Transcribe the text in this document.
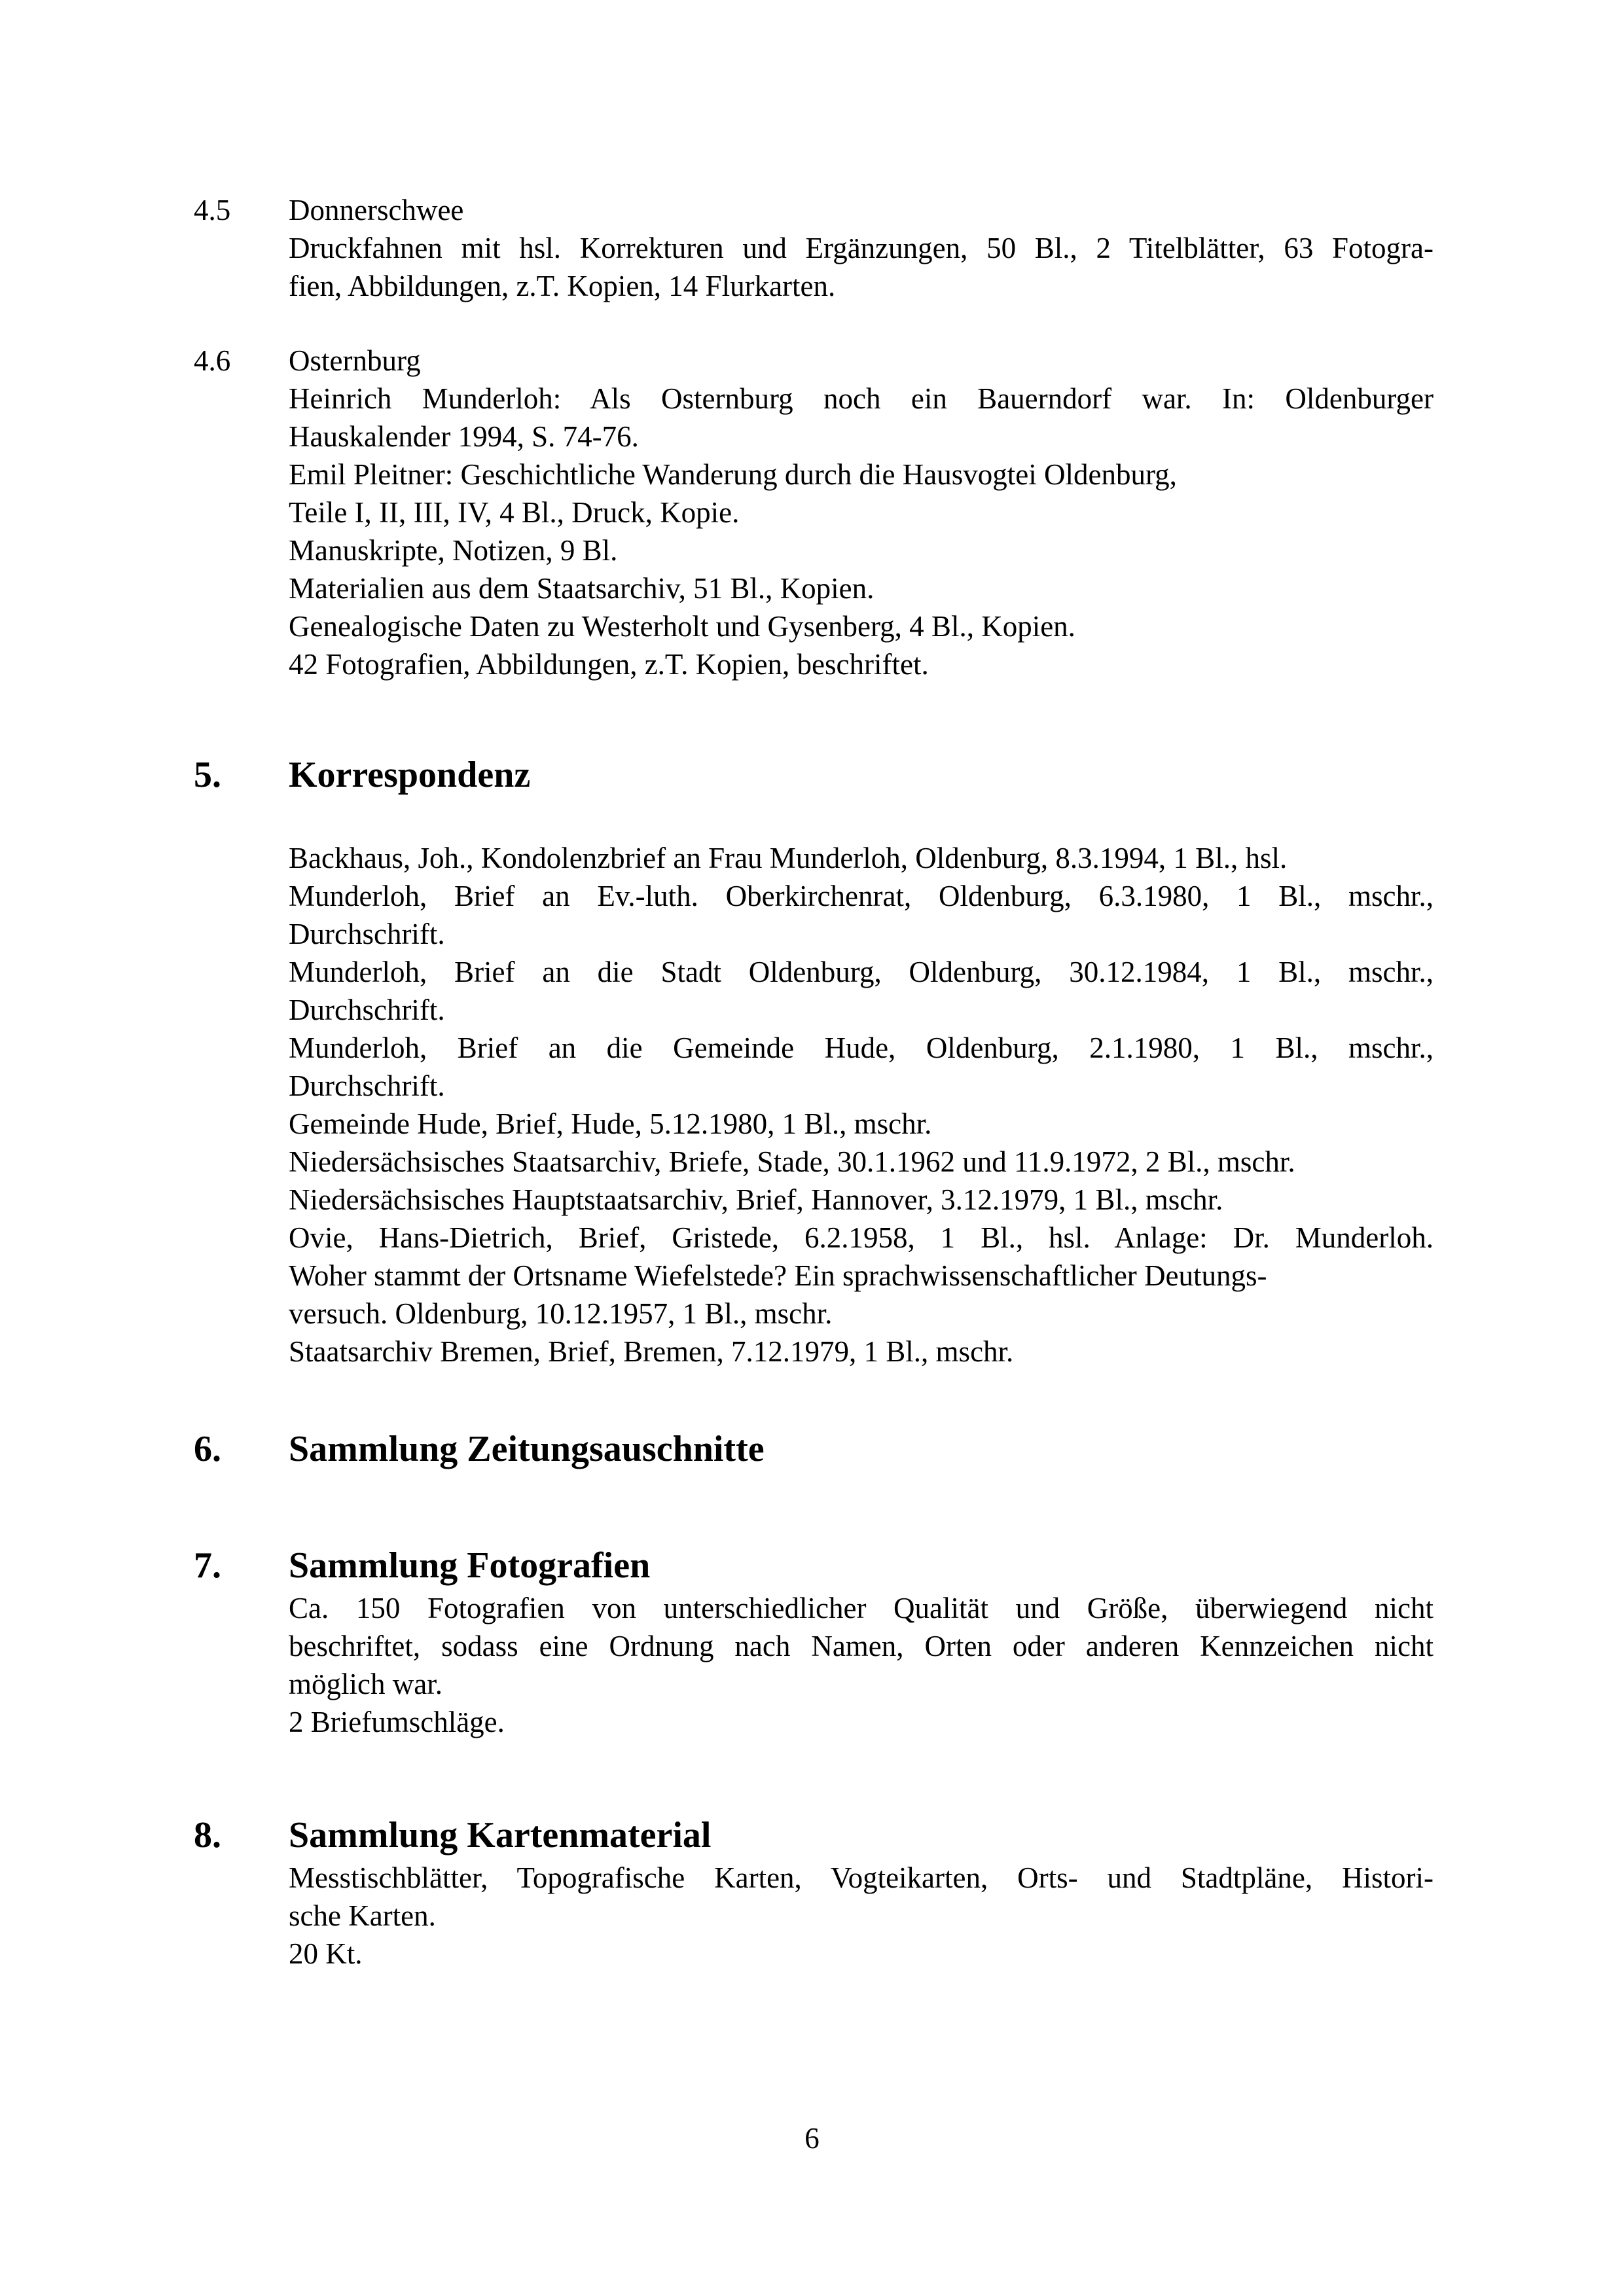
4.5 Donnerschwee
Druckfahnen mit hsl. Korrekturen und Ergänzungen, 50 Bl., 2 Titelblätter, 63 Fotogra-
fien, Abbildungen, z.T. Kopien, 14 Flurkarten.
4.6 Osternburg
Heinrich Munderloh: Als Osternburg noch ein Bauerndorf war. In: Oldenburger
Hauskalender 1994, S. 74-76.
Emil Pleitner: Geschichtliche Wanderung durch die Hausvogtei Oldenburg,
Teile I, II, III, IV, 4 Bl., Druck, Kopie.
Manuskripte, Notizen, 9 Bl.
Materialien aus dem Staatsarchiv, 51 Bl., Kopien.
Genealogische Daten zu Westerholt und Gysenberg, 4 Bl., Kopien.
42 Fotografien, Abbildungen, z.T. Kopien, beschriftet.
5. Korrespondenz
Backhaus, Joh., Kondolenzbrief an Frau Munderloh, Oldenburg, 8.3.1994, 1 Bl., hsl.
Munderloh, Brief an Ev.-luth. Oberkirchenrat, Oldenburg, 6.3.1980, 1 Bl., mschr.,
Durchschrift.
Munderloh, Brief an die Stadt Oldenburg, Oldenburg, 30.12.1984, 1 Bl., mschr.,
Durchschrift.
Munderloh, Brief an die Gemeinde Hude, Oldenburg, 2.1.1980, 1 Bl., mschr.,
Durchschrift.
Gemeinde Hude, Brief, Hude, 5.12.1980, 1 Bl., mschr.
Niedersächsisches Staatsarchiv, Briefe, Stade, 30.1.1962 und 11.9.1972, 2 Bl., mschr.
Niedersächsisches Hauptstaatsarchiv, Brief, Hannover, 3.12.1979, 1 Bl., mschr.
Ovie, Hans-Dietrich, Brief, Gristede, 6.2.1958, 1 Bl., hsl. Anlage: Dr. Munderloh.
Woher stammt der Ortsname Wiefelstede? Ein sprachwissenschaftlicher Deutungs-
versuch. Oldenburg, 10.12.1957, 1 Bl., mschr.
Staatsarchiv Bremen, Brief, Bremen, 7.12.1979, 1 Bl., mschr.
6. Sammlung Zeitungsauschnitte
7. Sammlung Fotografien
Ca. 150 Fotografien von unterschiedlicher Qualität und Größe, überwiegend nicht
beschriftet, sodass eine Ordnung nach Namen, Orten oder anderen Kennzeichen nicht
möglich war.
2 Briefumschläge.
8. Sammlung Kartenmaterial
Messtischblätter, Topografische Karten, Vogteikarten, Orts- und Stadtpläne, Histori-
sche Karten.
20 Kt.
6
